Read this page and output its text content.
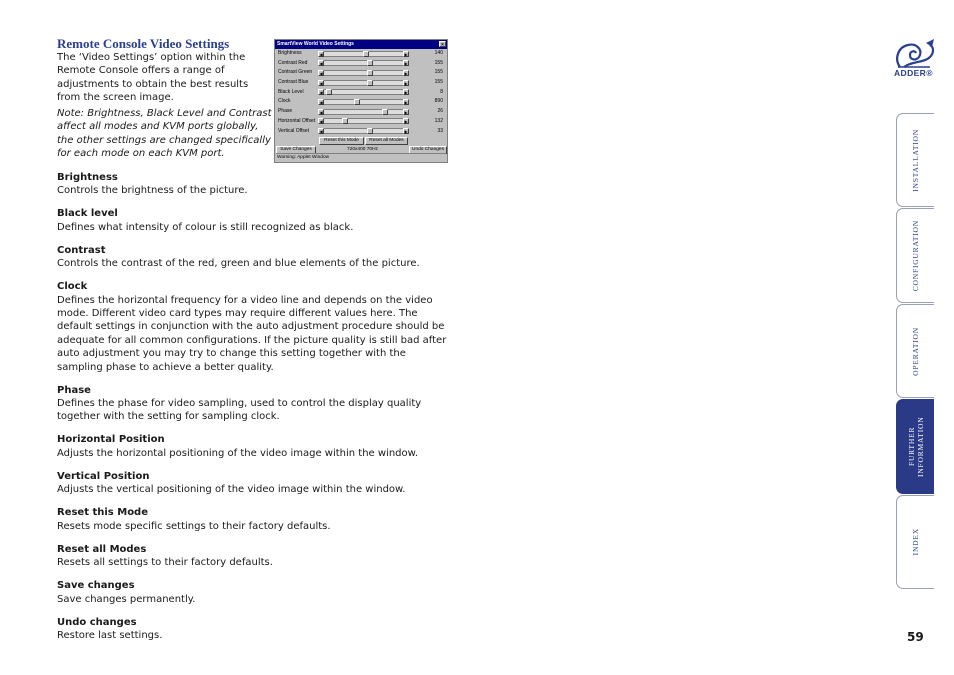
Remote Console Video Settings

The ‘Video Settings’ option within the Remote Console offers a range of adjustments to obtain the best results from the screen image.

Note: Brightness, Black Level and Contrast affect all modes and KVM ports globally, the other settings are changed specifically for each mode on each KVM port.

Brightness
Controls the brightness of the picture.
Black level
Defines what intensity of colour is still recognized as black.
Contrast
Controls the contrast of the red, green and blue elements of the picture.
Clock
Defines the horizontal frequency for a video line and depends on the video mode. Different video card types may require different values here. The default settings in conjunction with the auto adjustment procedure should be adequate for all common configurations. If the picture quality is still bad after auto adjustment you may try to change this setting together with the sampling phase to achieve a better quality.
Phase
Defines the phase for video sampling, used to control the display quality together with the setting for sampling clock.
Horizontal Position
Adjusts the horizontal positioning of the video image within the window.
Vertical Position
Adjusts the vertical positioning of the video image within the window.
Reset this Mode
Resets mode specific settings to their factory defaults.
Reset all Modes
Resets all settings to their factory defaults.
Save changes
Save changes permanently.
Undo changes
Restore last settings.
SmartView World Video Settings	×
Brightness	◀	▶	140
Contrast Red	◀	▶	155
Contrast Green	◀	▶	155
Contrast Blue	◀	▶	155
Black Level	◀	▶	8
Clock	◀	▶	890
Phase	◀	▶	26
Horizontal Offset	◀	▶	132
Vertical Offset	◀	▶	33
Reset this Mode	Reset all Modes
Save Changes	720x400 70Hz	Undo Changes
Warning: Applet Window
ADDER®
INSTALLATION
CONFIGURATION
OPERATION
FURTHER INFORMATION
INDEX
59
